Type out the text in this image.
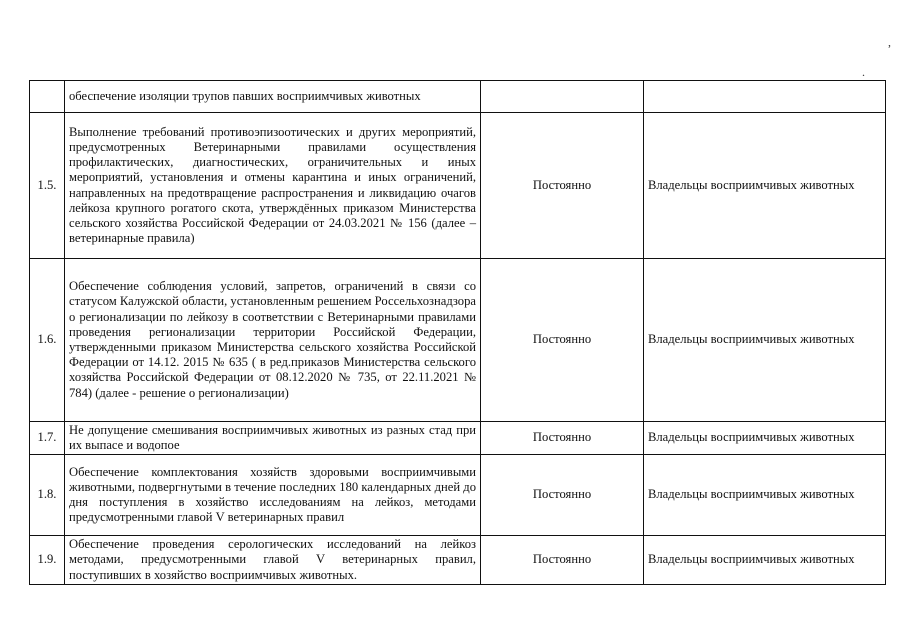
,
.
	обеспечение изоляции трупов павших восприимчивых животных		
1.5.	Выполнение требований противоэпизоотических и других мероприятий, предусмотренных Ветеринарными правилами осуществления профилактических, диагностических, ограничительных и иных мероприятий, установления и отмены карантина и иных ограничений, направленных на предотвращение распространения и ликвидацию очагов лейкоза крупного рогатого скота, утверждённых приказом Министерства сельского хозяйства Российской Федерации от 24.03.2021 № 156 (далее – ветеринарные правила)	Постоянно	Владельцы восприимчивых животных
1.6.	Обеспечение соблюдения условий, запретов, ограничений в связи со статусом Калужской области, установленным решением Россельхознадзора о регионализации по лейкозу в соответствии с Ветеринарными правилами проведения регионализации территории Российской Федерации, утвержденными приказом Министерства сельского хозяйства Российской Федерации от 14.12. 2015 № 635 ( в ред.приказов Министерства сельского хозяйства Российской Федерации от 08.12.2020 № 735, от 22.11.2021 № 784) (далее - решение о регионализации)	Постоянно	Владельцы восприимчивых животных
1.7.	Не допущение смешивания восприимчивых животных из разных стад при их выпасе и водопое	Постоянно	Владельцы восприимчивых животных
1.8.	Обеспечение комплектования хозяйств здоровыми восприимчивыми животными, подвергнутыми в течение последних 180 календарных дней до дня поступления в хозяйство исследованиям на лейкоз, методами предусмотренными главой V ветеринарных правил	Постоянно	Владельцы восприимчивых животных
1.9.	Обеспечение проведения серологических исследований на лейкоз методами, предусмотренными главой V ветеринарных правил, поступивших в хозяйство восприимчивых животных.	Постоянно	Владельцы восприимчивых животных
